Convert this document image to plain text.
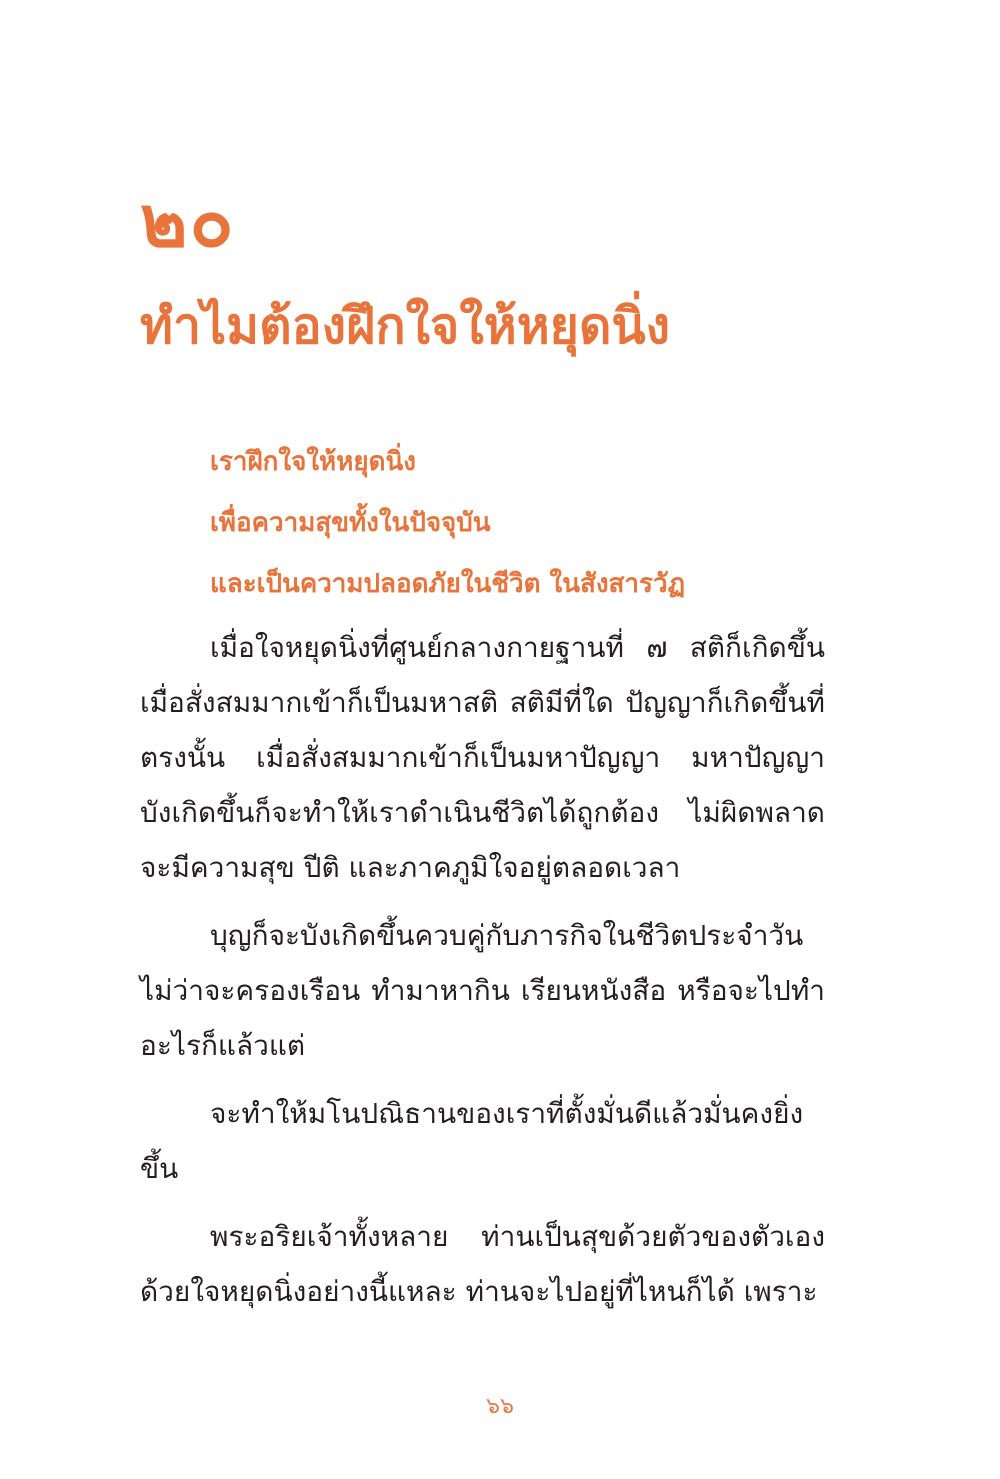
๒๐
ทำไมต้องฝึกใจให้หยุดนิ่ง
เราฝึกใจให้หยุดนิ่ง
เพื่อความสุขทั้งในปัจจุบัน
และเป็นความปลอดภัยในชีวิต ในสังสารวัฏ

เมื่อใจหยุดนิ่งที่ศูนย์กลางกายฐานที่ ๗ สติก็เกิดขึ้น เมื่อสั่งสมมากเข้าก็เป็นมหาสติ สติมีที่ใด ปัญญาก็เกิดขึ้นที่ตรงนั้น เมื่อสั่งสมมากเข้าก็เป็นมหาปัญญา มหาปัญญาบังเกิดขึ้นก็จะทำให้เราดำเนินชีวิตได้ถูกต้อง ไม่ผิดพลาด จะมีความสุข ปีติ และภาคภูมิใจอยู่ตลอดเวลา

บุญก็จะบังเกิดขึ้นควบคู่กับภารกิจในชีวิตประจำวัน ไม่ว่าจะครองเรือน ทำมาหากิน เรียนหนังสือ หรือจะไปทำอะไรก็แล้วแต่

จะทำให้มโนปณิธานของเราที่ตั้งมั่นดีแล้วมั่นคงยิ่งขึ้น

พระอริยเจ้าทั้งหลาย ท่านเป็นสุขด้วยตัวของตัวเอง ด้วยใจหยุดนิ่งอย่างนี้แหละ ท่านจะไปอยู่ที่ไหนก็ได้ เพราะ

๖๖
